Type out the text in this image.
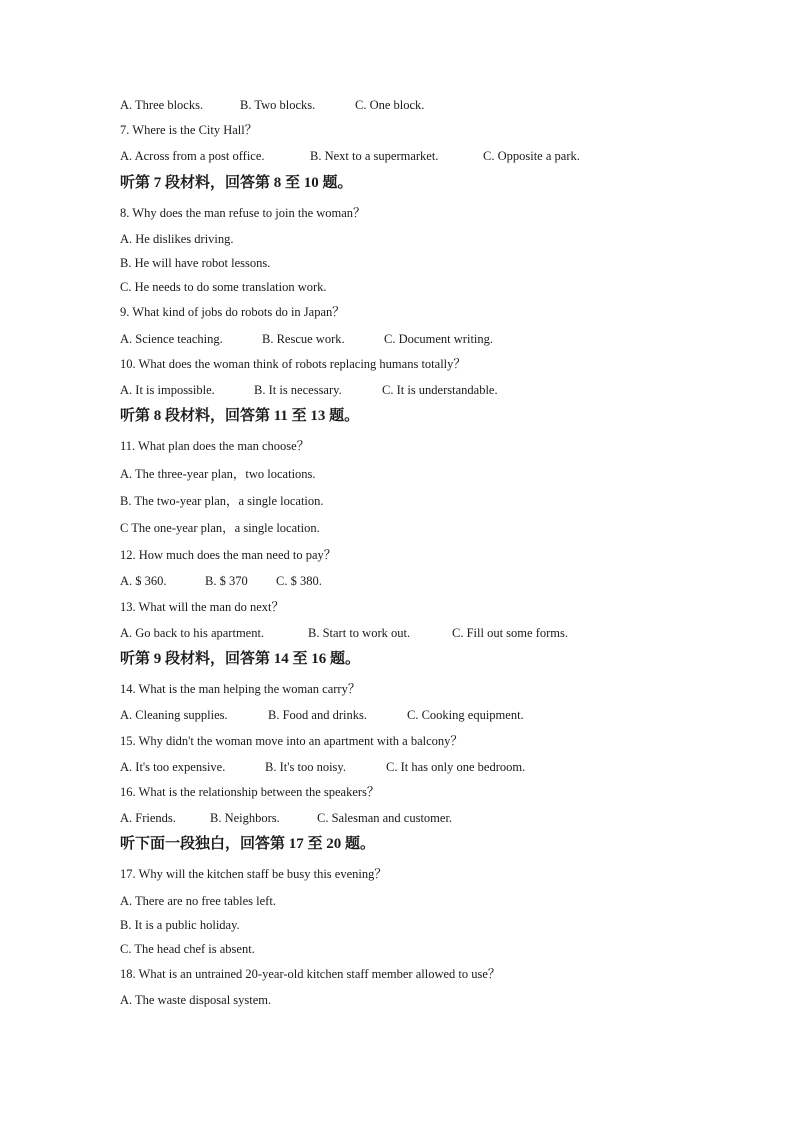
A. Three blocks.	B. Two blocks.	C. One block.
7. Where is the City Hall？
A. Across from a post office.	B. Next to a supermarket.	C. Opposite a park.
听第 7 段材料，回答第 8 至 10 题。
8. Why does the man refuse to join the woman？
A. He dislikes driving.
B. He will have robot lessons.
C. He needs to do some translation work.
9. What kind of jobs do robots do in Japan？
A. Science teaching.	B. Rescue work.	C. Document writing.
10. What does the woman think of robots replacing humans totally？
A. It is impossible.	B. It is necessary.	C. It is understandable.
听第 8 段材料，回答第 11 至 13 题。
11. What plan does the man choose？
A. The three-year plan，two locations.
B. The two-year plan，a single location.
C The one-year plan，a single location.
12. How much does the man need to pay？
A. $ 360.	B. $ 370 C. $ 380.
13. What will the man do next？
A. Go back to his apartment.	B. Start to work out.	C. Fill out some forms.
听第 9 段材料，回答第 14 至 16 题。
14. What is the man helping the woman carry？
A. Cleaning supplies.	B. Food and drinks.	C. Cooking equipment.
15. Why didn't the woman move into an apartment with a balcony？
A. It's too expensive.	B. It's too noisy.	C. It has only one bedroom.
16. What is the relationship between the speakers？
A. Friends.	B. Neighbors.	C. Salesman and customer.
听下面一段独白，回答第 17 至 20 题。
17. Why will the kitchen staff be busy this evening？
A. There are no free tables left.
B. It is a public holiday.
C. The head chef is absent.
18. What is an untrained 20-year-old kitchen staff member allowed to use？
A. The waste disposal system.
